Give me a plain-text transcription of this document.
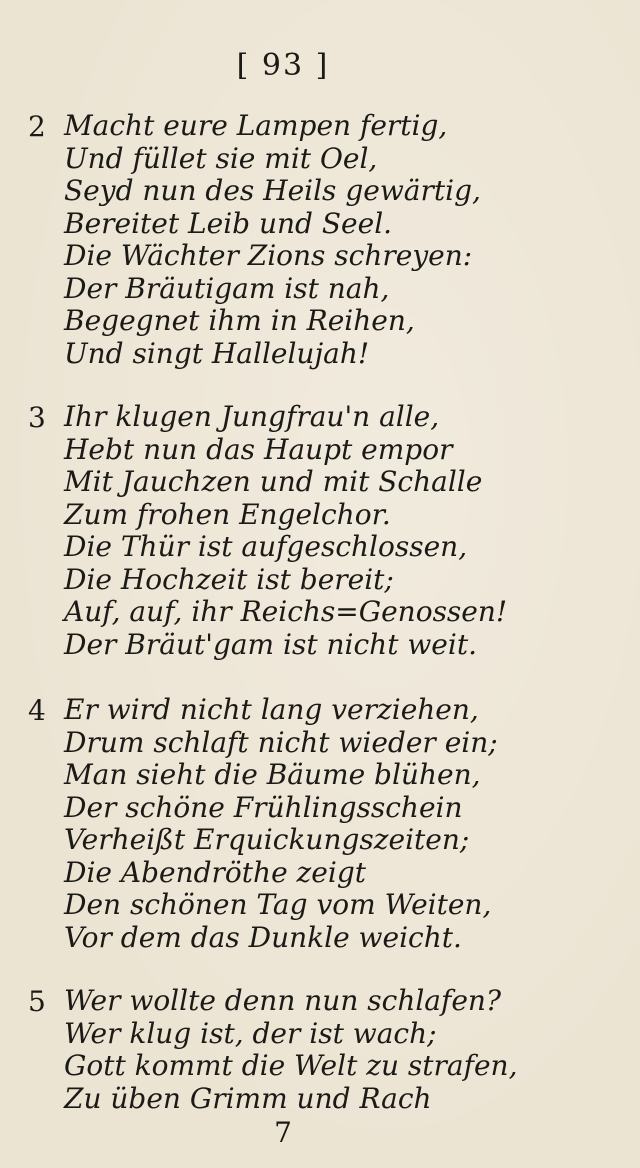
[ 93 ]
2 Macht eure Lampen fertig,
Und füllet sie mit Oel,
Seyd nun des Heils gewärtig,
Bereitet Leib und Seel.
Die Wächter Zions schreyen:
Der Bräutigam ist nah,
Begegnet ihm in Reihen,
Und singt Hallelujah!
3 Ihr klugen Jungfrau'n alle,
Hebt nun das Haupt empor
Mit Jauchzen und mit Schalle
Zum frohen Engelchor.
Die Thür ist aufgeschlossen,
Die Hochzeit ist bereit;
Auf, auf, ihr Reichs=Genossen!
Der Bräut'gam ist nicht weit.
4 Er wird nicht lang verziehen,
Drum schlaft nicht wieder ein;
Man sieht die Bäume blühen,
Der schöne Frühlingsschein
Verheißt Erquickungszeiten;
Die Abendröthe zeigt
Den schönen Tag vom Weiten,
Vor dem das Dunkle weicht.
5 Wer wollte denn nun schlafen?
Wer klug ist, der ist wach;
Gott kommt die Welt zu strafen,
Zu üben Grimm und Rach
7
